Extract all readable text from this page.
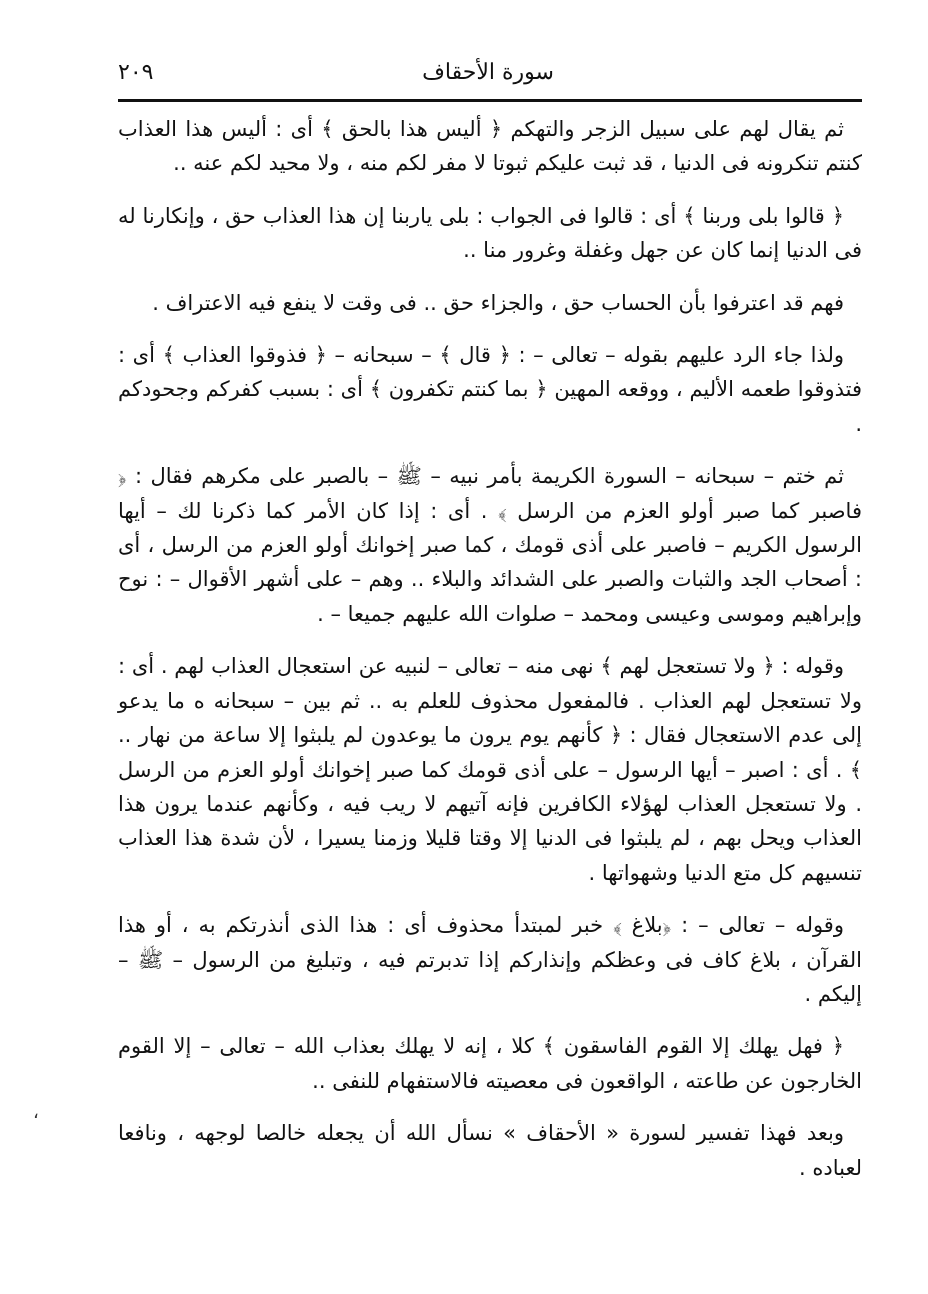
سورة الأحقاف
٢٠٩

ثم يقال لهم على سبيل الزجر والتهكم ﴿ أليس هذا بالحق ﴾ أى : أليس هذا العذاب كنتم تنكرونه فى الدنيا ، قد ثبت عليكم ثبوتا لا مفر لكم منه ، ولا محيد لكم عنه ..

﴿ قالوا بلى وربنا ﴾ أى : قالوا فى الجواب : بلى ياربنا إن هذا العذاب حق ، وإنكارنا له فى الدنيا إنما كان عن جهل وغفلة وغرور منا ..

فهم قد اعترفوا بأن الحساب حق ، والجزاء حق .. فى وقت لا ينفع فيه الاعتراف .

ولذا جاء الرد عليهم بقوله – تعالى – : ﴿ قال ﴾ – سبحانه – ﴿ فذوقوا العذاب ﴾ أى : فتذوقوا طعمه الأليم ، ووقعه المهين ﴿ بما كنتم تكفرون ﴾ أى : بسبب كفركم وجحودكم .

ثم ختم – سبحانه – السورة الكريمة بأمر نبيه – ﷺ – بالصبر على مكرهم فقال : ﴿ فاصبر كما صبر أولو العزم من الرسل ﴾ . أى : إذا كان الأمر كما ذكرنا لك – أيها الرسول الكريم – فاصبر على أذى قومك ، كما صبر إخوانك أولو العزم من الرسل ، أى : أصحاب الجد والثبات والصبر على الشدائد والبلاء .. وهم – على أشهر الأقوال – : نوح وإبراهيم وموسى وعيسى ومحمد – صلوات الله عليهم جميعا – .

وقوله : ﴿ ولا تستعجل لهم ﴾ نهى منه – تعالى – لنبيه عن استعجال العذاب لهم . أى : ولا تستعجل لهم العذاب . فالمفعول محذوف للعلم به .. ثم بين – سبحانه ه ما يدعو إلى عدم الاستعجال فقال : ﴿ كأنهم يوم يرون ما يوعدون لم يلبثوا إلا ساعة من نهار .. ﴾ . أى : اصبر – أيها الرسول – على أذى قومك كما صبر إخوانك أولو العزم من الرسل . ولا تستعجل العذاب لهؤلاء الكافرين فإنه آتيهم لا ريب فيه ، وكأنهم عندما يرون هذا العذاب ويحل بهم ، لم يلبثوا فى الدنيا إلا وقتا قليلا وزمنا يسيرا ، لأن شدة هذا العذاب تنسيهم كل متع الدنيا وشهواتها .

وقوله – تعالى – : ﴿بلاغ ﴾ خبر لمبتدأ محذوف أى : هذا الذى أنذرتكم به ، أو هذا القرآن ، بلاغ كاف فى وعظكم وإنذاركم إذا تدبرتم فيه ، وتبليغ من الرسول – ﷺ – إليكم .

﴿ فهل يهلك إلا القوم الفاسقون ﴾ كلا ، إنه لا يهلك بعذاب الله – تعالى – إلا القوم الخارجون عن طاعته ، الواقعون فى معصيته فالاستفهام للنفى ..

وبعد فهذا تفسير لسورة « الأحقاف » نسأل الله أن يجعله خالصا لوجهه ، ونافعا لعباده .

،
